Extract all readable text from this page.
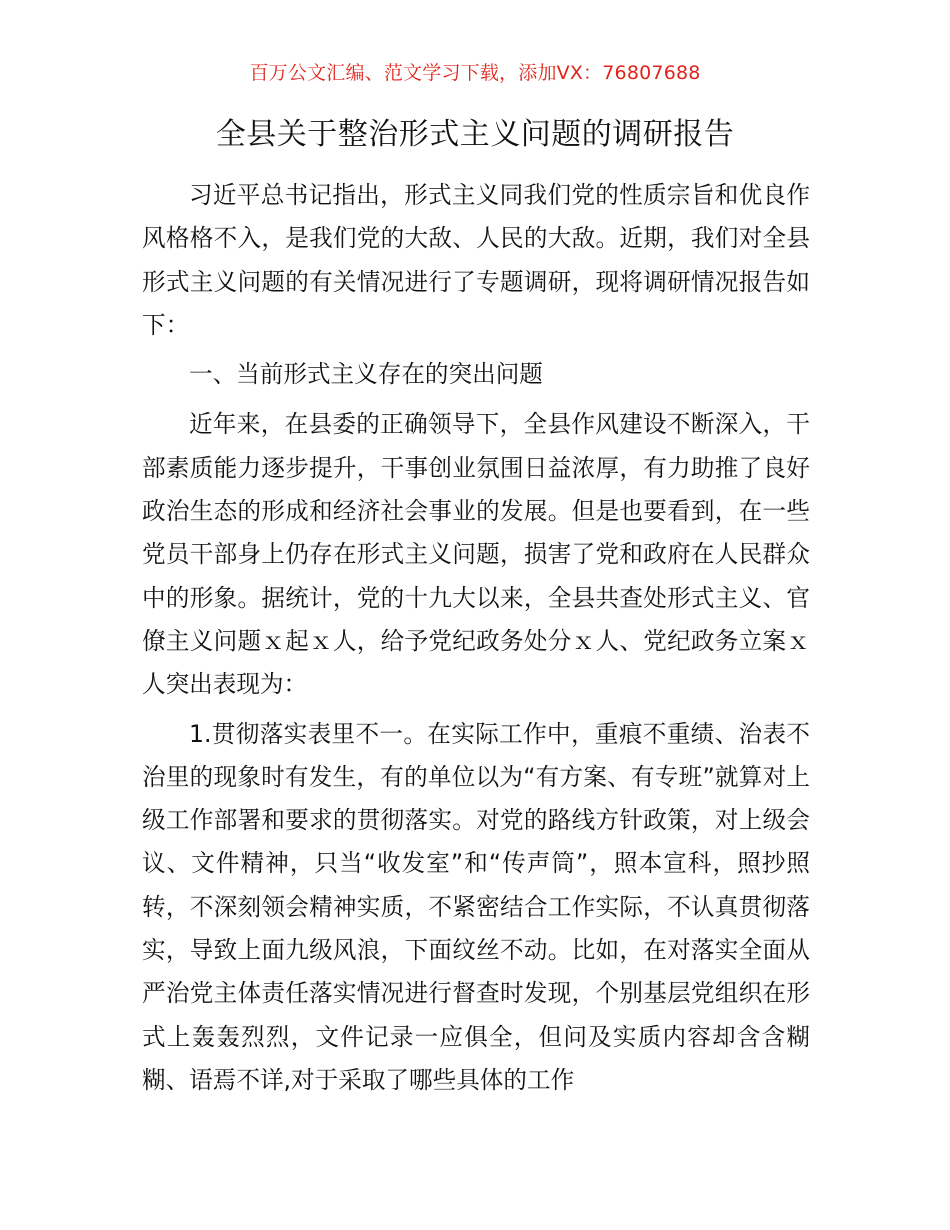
百万公文汇编、范文学习下载，添加VX：76807688
全县关于整治形式主义问题的调研报告

习近平总书记指出，形式主义同我们党的性质宗旨和优良作风格格不入，是我们党的大敌、人民的大敌。近期，我们对全县形式主义问题的有关情况进行了专题调研，现将调研情况报告如下：

一、当前形式主义存在的突出问题

近年来，在县委的正确领导下，全县作风建设不断深入，干部素质能力逐步提升，干事创业氛围日益浓厚，有力助推了良好政治生态的形成和经济社会事业的发展。但是也要看到，在一些党员干部身上仍存在形式主义问题，损害了党和政府在人民群众中的形象。据统计，党的十九大以来，全县共查处形式主义、官僚主义问题ｘ起ｘ人，给予党纪政务处分ｘ人、党纪政务立案ｘ人突出表现为：

1.贯彻落实表里不一。在实际工作中，重痕不重绩、治表不治里的现象时有发生，有的单位以为“有方案、有专班”就算对上级工作部署和要求的贯彻落实。对党的路线方针政策，对上级会议、文件精神，只当“收发室”和“传声筒”，照本宣科，照抄照转，不深刻领会精神实质，不紧密结合工作实际，不认真贯彻落实，导致上面九级风浪，下面纹丝不动。比如，在对落实全面从严治党主体责任落实情况进行督查时发现，个别基层党组织在形式上轰轰烈烈，文件记录一应俱全，但问及实质内容却含含糊糊、语焉不详,对于采取了哪些具体的工作
